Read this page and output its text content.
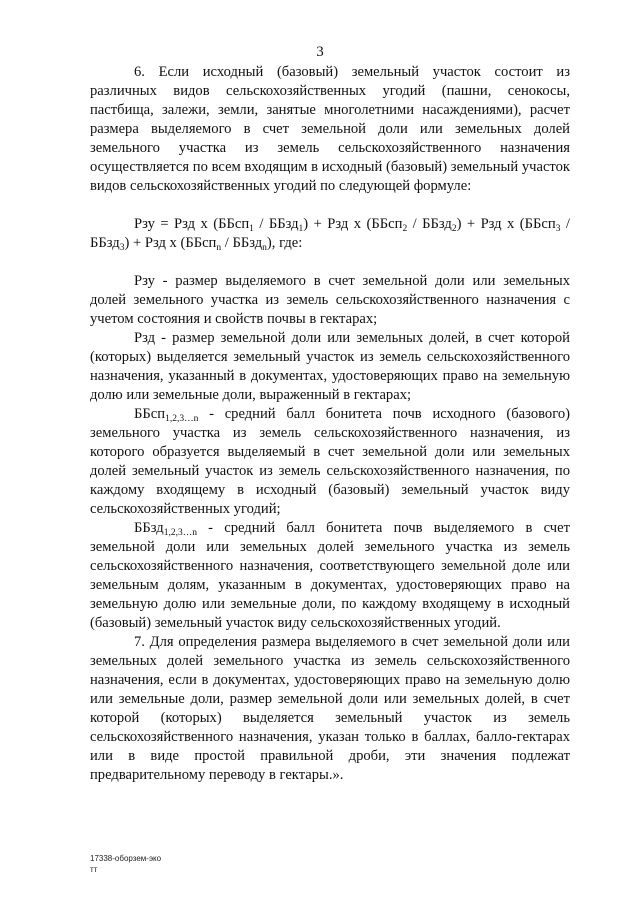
3

6. Если исходный (базовый) земельный участок состоит из различных видов сельскохозяйственных угодий (пашни, сенокосы, пастбища, залежи, земли, занятые многолетними насаждениями), расчет размера выделяемого в счет земельной доли или земельных долей земельного участка из земель сельскохозяйственного назначения осуществляется по всем входящим в исходный (базовый) земельный участок видов сельскохозяйственных угодий по следующей формуле:

Рзу = Рзд х (ББсп$_1$ / ББзд$_1$) + Рзд х (ББсп$_2$ / ББзд$_2$) + Рзд х (ББсп$_3$ / ББзд$_3$) + Рзд х (ББсп$_n$ / ББзд$_n$), где:

Рзу - размер выделяемого в счет земельной доли или земельных долей земельного участка из земель сельскохозяйственного назначения с учетом состояния и свойств почвы в гектарах;

Рзд - размер земельной доли или земельных долей, в счет которой (которых) выделяется земельный участок из земель сельскохозяйственного назначения, указанный в документах, удостоверяющих право на земельную долю или земельные доли, выраженный в гектарах;

ББсп$_{1,2,3\dots n}$ - средний балл бонитета почв исходного (базового) земельного участка из земель сельскохозяйственного назначения, из которого образуется выделяемый в счет земельной доли или земельных долей земельный участок из земель сельскохозяйственного назначения, по каждому входящему в исходный (базовый) земельный участок виду сельскохозяйственных угодий;

ББзд$_{1,2,3\dots n}$ - средний балл бонитета почв выделяемого в счет земельной доли или земельных долей земельного участка из земель сельскохозяйственного назначения, соответствующего земельной доле или земельным долям, указанным в документах, удостоверяющих право на земельную долю или земельные доли, по каждому входящему в исходный (базовый) земельный участок виду сельскохозяйственных угодий.

7. Для определения размера выделяемого в счет земельной доли или земельных долей земельного участка из земель сельскохозяйственного назначения, если в документах, удостоверяющих право на земельную долю или земельные доли, размер земельной доли или земельных долей, в счет которой (которых) выделяется земельный участок из земель сельскохозяйственного назначения, указан только в баллах, балло-гектарах или в виде простой правильной дроби, эти значения подлежат предварительному переводу в гектары.».

17338-оборзем-эко
тт
